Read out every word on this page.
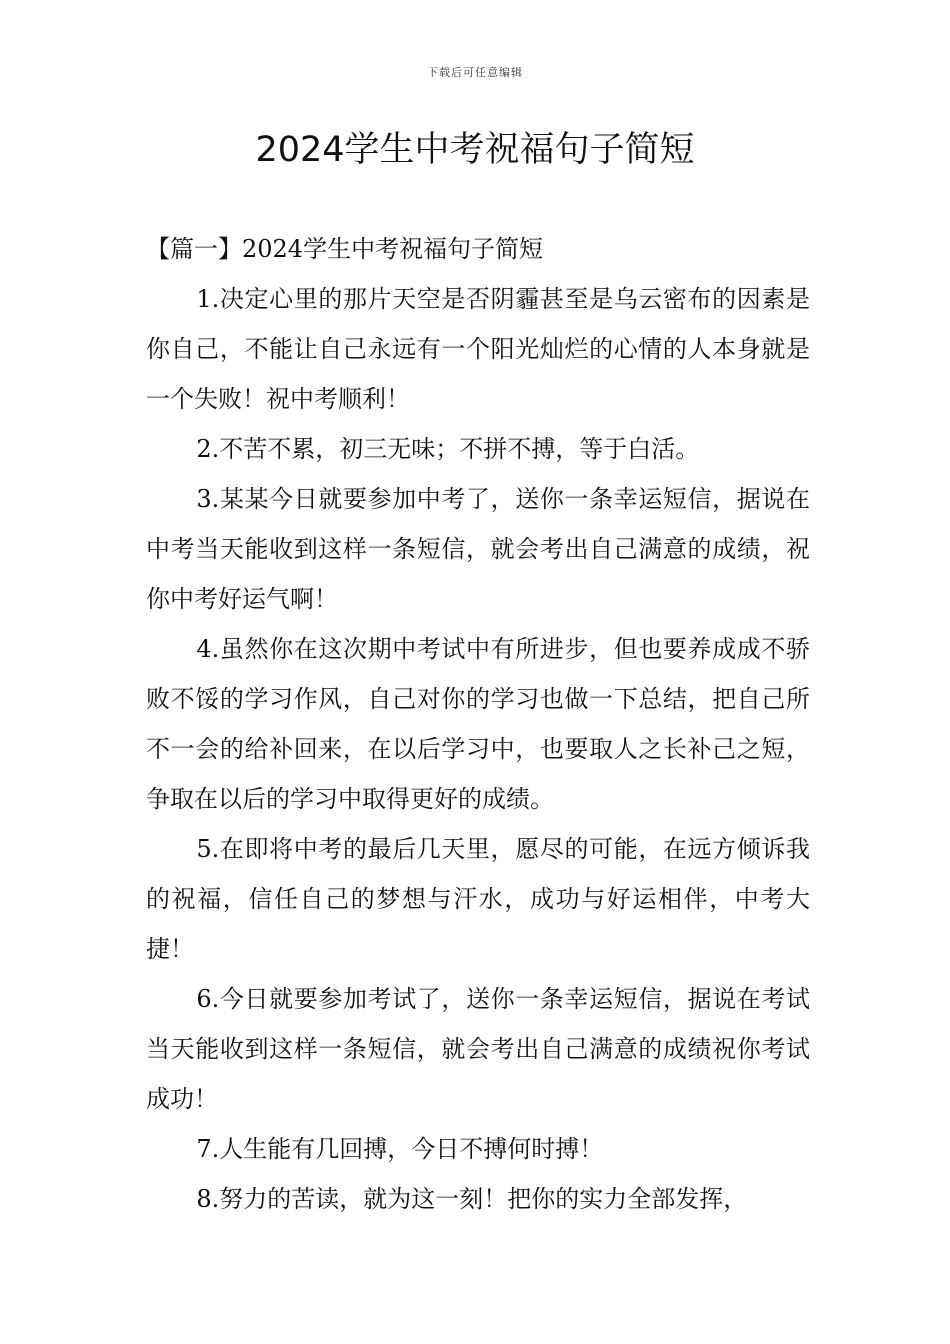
下载后可任意编辑
2024学生中考祝福句子简短

【篇一】2024学生中考祝福句子简短

1.决定心里的那片天空是否阴霾甚至是乌云密布的因素是你自己，不能让自己永远有一个阳光灿烂的心情的人本身就是一个失败！祝中考顺利！

2.不苦不累，初三无味；不拼不搏，等于白活。

3.某某今日就要参加中考了，送你一条幸运短信，据说在中考当天能收到这样一条短信，就会考出自己满意的成绩，祝你中考好运气啊！

4.虽然你在这次期中考试中有所进步，但也要养成成不骄败不馁的学习作风，自己对你的学习也做一下总结，把自己所不一会的给补回来，在以后学习中，也要取人之长补己之短，争取在以后的学习中取得更好的成绩。

5.在即将中考的最后几天里，愿尽的可能，在远方倾诉我的祝福，信任自己的梦想与汗水，成功与好运相伴，中考大捷！

6.今日就要参加考试了，送你一条幸运短信，据说在考试当天能收到这样一条短信，就会考出自己满意的成绩祝你考试成功！

7.人生能有几回搏，今日不搏何时搏！

8.努力的苦读，就为这一刻！把你的实力全部发挥，
